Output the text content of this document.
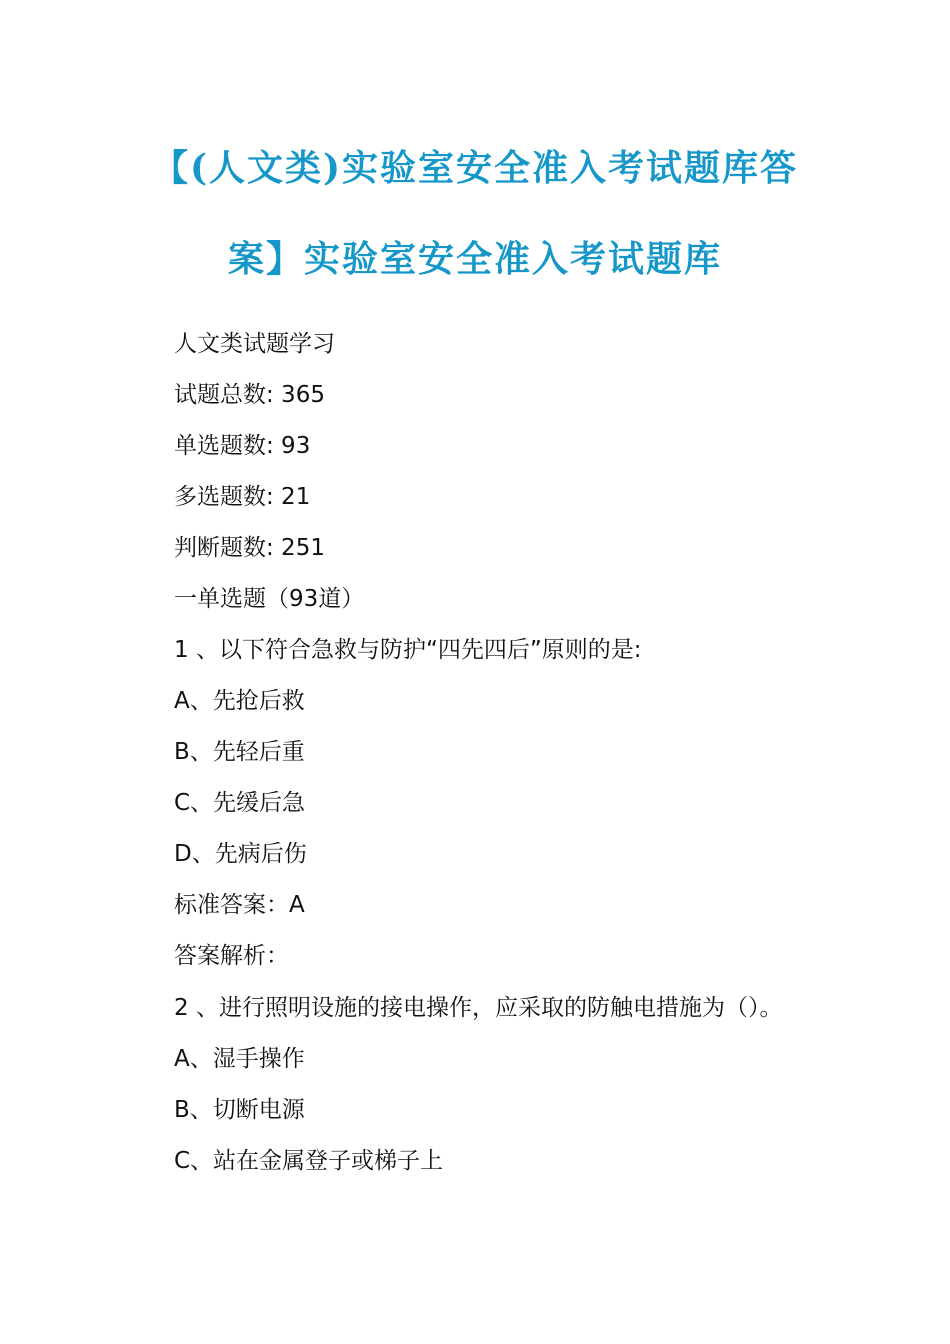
【(人文类)实验室安全准入考试题库答
案】实验室安全准入考试题库
人文类试题学习
试题总数: 365
单选题数: 93
多选题数: 21
判断题数: 251
一单选题（93道）
1 、以下符合急救与防护“四先四后”原则的是:
A、先抢后救
B、先轻后重
C、先缓后急
D、先病后伤
标准答案：A
答案解析：
2 、进行照明设施的接电操作，应采取的防触电措施为（）。
A、湿手操作
B、切断电源
C、站在金属登子或梯子上
